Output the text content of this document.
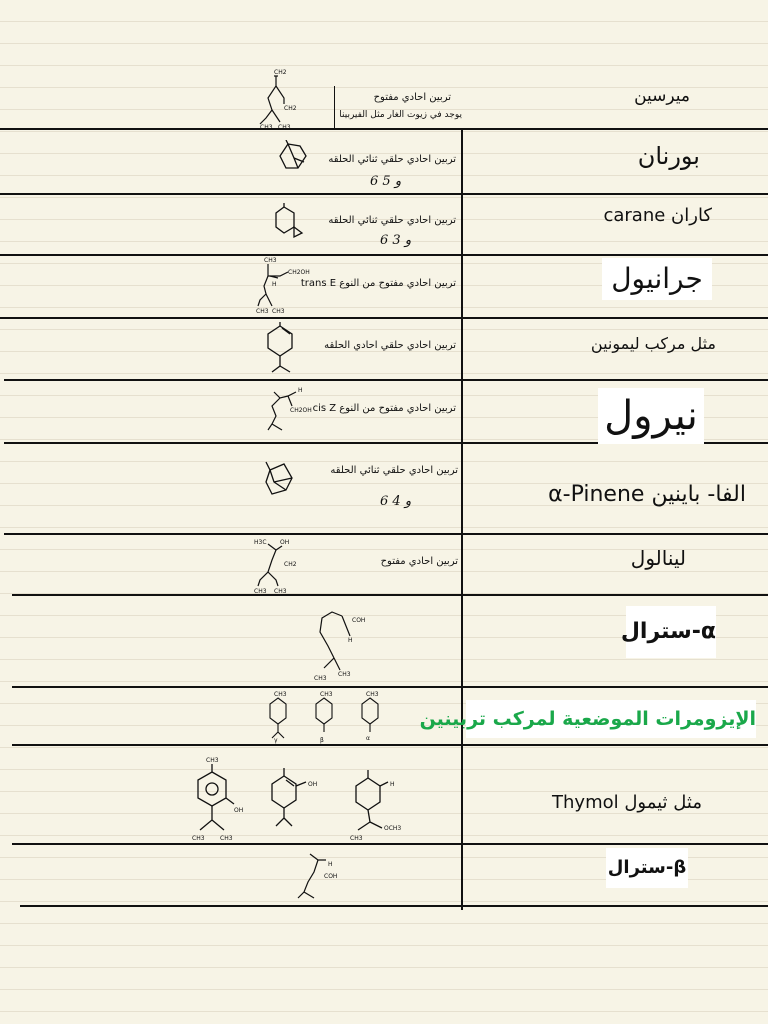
ميرسين
تربين احادي مفتوح
يوجد في زيوت الغار مثل الفيربينا
CH2
CH2
CH3 CH3
بورنان
تربين احادي حلقي ثنائي الحلقه
6 و 5
كاران carane
تربين احادي حلقي ثنائي الحلقه
6 و 3
جرانيول
تربين احادي مفتوح من النوع trans E
CH3
CH2OH
H
CH3 CH3
مثل مركب ليمونين
تربين احادي حلقي احادي الحلقه
نيرول
تربين احادي مفتوح من النوع cis Z
H
CH2OH
الفا- باينين α-Pinene
تربين احادي حلقي ثنائي الحلقه
6 و 4
لينالول
تربين احادي مفتوح
H3C OH
CH2
CH3 CH3
α-سترال
COH
H
CH3
CH3
الإيزومرات الموضعية لمركب تربينين
CH3	CH3	CH3
γ	β	α
مثل ثيمول Thymol
CH3
OH
CH3	CH3
OH	H
CH3
OCH3
β-سترال
H
COH
